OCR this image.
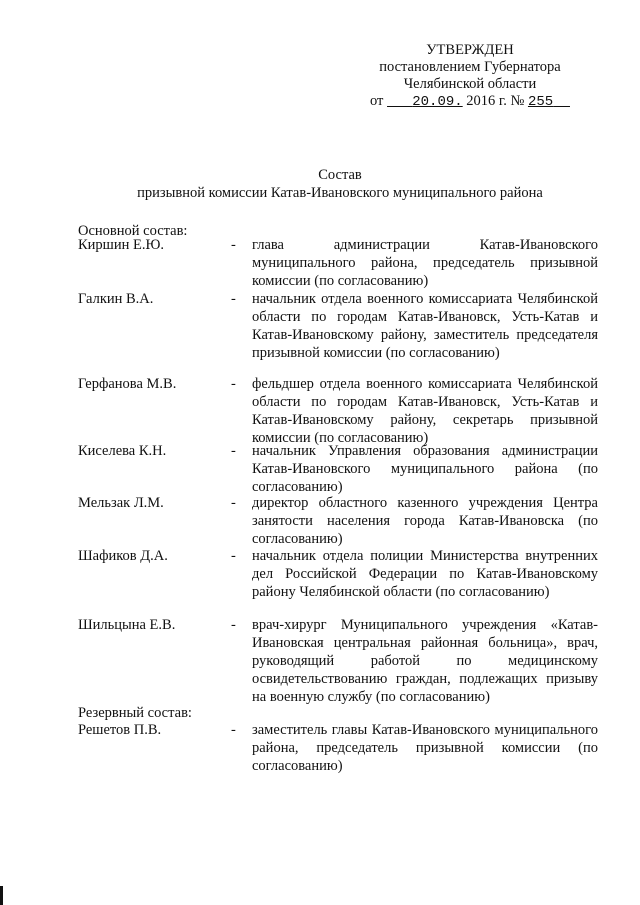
УТВЕРЖДЕН
постановлением Губернатора
Челябинской области
от 20.09. 2016 г. № 255
Состав
призывной комиссии Катав-Ивановского муниципального района
Основной состав:
Киршин Е.Ю.	- глава администрации Катав-Ивановского муниципального района, председатель призывной комиссии (по согласованию)
Галкин В.А.	- начальник отдела военного комиссариата Челябинской области по городам Катав-Ивановск, Усть-Катав и Катав-Ивановскому району, заместитель председателя призывной комиссии (по согласованию)
Герфанова М.В.	- фельдшер отдела военного комиссариата Челябинской области по городам Катав-Ивановск, Усть-Катав и Катав-Ивановскому району, секретарь призывной комиссии (по согласованию)
Киселева К.Н.	- начальник Управления образования администрации Катав-Ивановского муниципального района (по согласованию)
Мельзак Л.М.	- директор областного казенного учреждения Центра занятости населения города Катав-Ивановска (по согласованию)
Шафиков Д.А.	- начальник отдела полиции Министерства внутренних дел Российской Федерации по Катав-Ивановскому району Челябинской области (по согласованию)
Шильцына Е.В.	- врач-хирург Муниципального учреждения «Катав-Ивановская центральная районная больница», врач, руководящий работой по медицинскому освидетельствованию граждан, подлежащих призыву на военную службу (по согласованию)
Резервный состав:
Решетов П.В.	- заместитель главы Катав-Ивановского муниципального района, председатель призывной комиссии (по согласованию)
